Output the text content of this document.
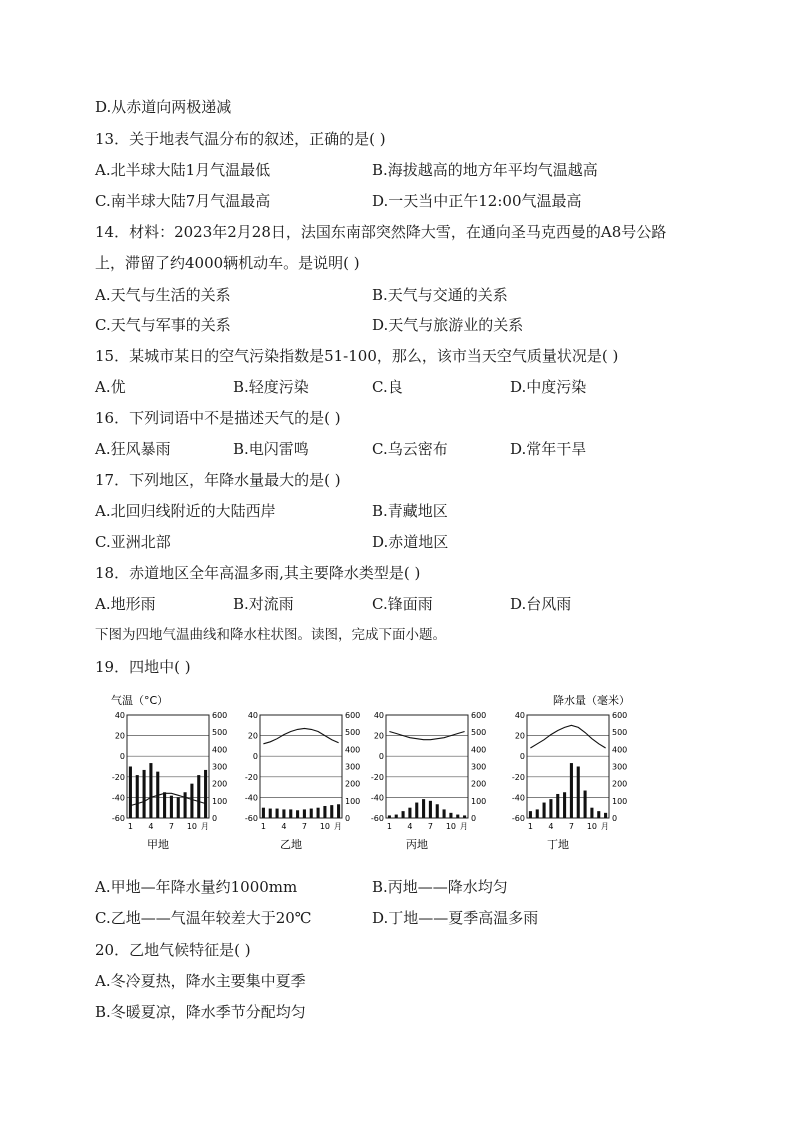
D.从赤道向两极递减
13．关于地表气温分布的叙述，正确的是( )
A.北半球大陆1月气温最低	B.海拔越高的地方年平均气温越高
C.南半球大陆7月气温最高	D.一天当中正午12:00气温最高
14．材料：2023年2月28日，法国东南部突然降大雪，在通向圣马克西曼的A8号公路
上，滞留了约4000辆机动车。是说明( )
A.天气与生活的关系	B.天气与交通的关系
C.天气与军事的关系	D.天气与旅游业的关系
15．某城市某日的空气污染指数是51-100，那么，该市当天空气质量状况是( )
A.优	B.轻度污染	C.良	D.中度污染
16．下列词语中不是描述天气的是( )
A.狂风暴雨	B.电闪雷鸣	C.乌云密布	D.常年干旱
17．下列地区，年降水量最大的是( )
A.北回归线附近的大陆西岸	B.青藏地区
C.亚洲北部	D.赤道地区
18．赤道地区全年高温多雨,其主要降水类型是( )
A.地形雨	B.对流雨	C.锋面雨	D.台风雨
下图为四地气温曲线和降水柱状图。读图，完成下面小题。
19．四地中( )
气温（°C）
40
20
0
-20
-40
-60
600
500
400
300
200
100
0
1 4 7 10 月
甲地
40
20
0
-20
-40
-60
600
500
400
300
200
100
0
1 4 7 10 月
乙地
40
20
0
-20
-40
-60
600
500
400
300
200
100
0
1 4 7 10 月
丙地
降水量（毫米）
40
20
0
-20
-40
-60
600
500
400
300
200
100
0
1 4 7 10 月
丁地
A.甲地—年降水量约1000mm	B.丙地——降水均匀
C.乙地——气温年较差大于20℃	D.丁地——夏季高温多雨
20．乙地气候特征是( )
A.冬冷夏热，降水主要集中夏季
B.冬暖夏凉，降水季节分配均匀
